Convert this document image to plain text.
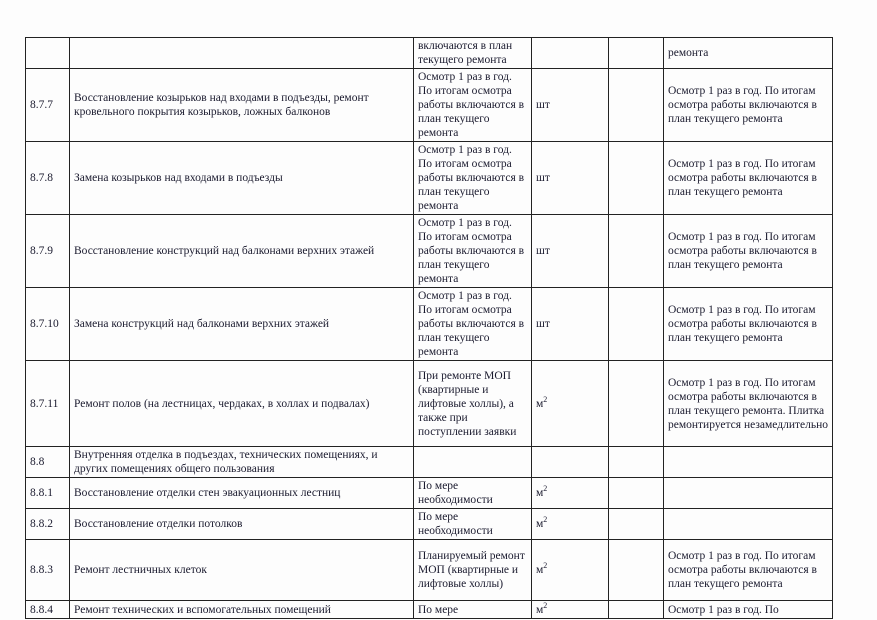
		включаются в план текущего ремонта			ремонта
8.7.7	Восстановление козырьков над входами в подъезды, ремонт кровельного покрытия козырьков, ложных балконов	Осмотр 1 раз в год. По итогам осмотра работы включаются в план текущего ремонта	шт		Осмотр 1 раз в год. По итогам осмотра работы включаются в план текущего ремонта
8.7.8	Замена козырьков над входами в подъезды	Осмотр 1 раз в год. По итогам осмотра работы включаются в план текущего ремонта	шт		Осмотр 1 раз в год. По итогам осмотра работы включаются в план текущего ремонта
8.7.9	Восстановление конструкций над балконами верхних этажей	Осмотр 1 раз в год. По итогам осмотра работы включаются в план текущего ремонта	шт		Осмотр 1 раз в год. По итогам осмотра работы включаются в план текущего ремонта
8.7.10	Замена конструкций над балконами верхних этажей	Осмотр 1 раз в год. По итогам осмотра работы включаются в план текущего ремонта	шт		Осмотр 1 раз в год. По итогам осмотра работы включаются в план текущего ремонта
8.7.11	Ремонт полов (на лестницах, чердаках, в холлах и подвалах)	При ремонте МОП (квартирные и лифтовые холлы), а также при поступлении заявки	$м^2$		Осмотр 1 раз в год. По итогам осмотра работы включаются в план текущего ремонта. Плитка ремонтируется незамедлительно
8.8	Внутренняя отделка в подъездах, технических помещениях, и других помещениях общего пользования				
8.8.1	Восстановление отделки стен эвакуационных лестниц	По мере необходимости	$м^2$		
8.8.2	Восстановление отделки потолков	По мере необходимости	$м^2$		
8.8.3	Ремонт лестничных клеток	Планируемый ремонт МОП (квартирные и лифтовые холлы)	$м^2$		Осмотр 1 раз в год. По итогам осмотра работы включаются в план текущего ремонта
8.8.4	Ремонт технических и вспомогательных помещений	По мере	$м^2$		Осмотр 1 раз в год. По
